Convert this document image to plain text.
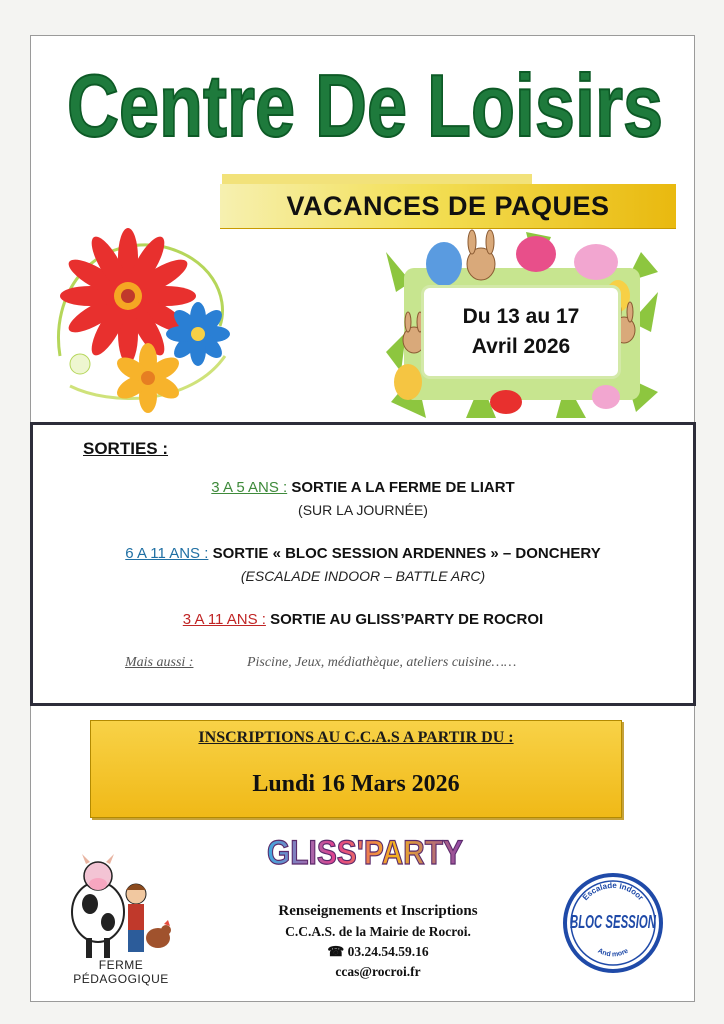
Centre De Loisirs
VACANCES DE PAQUES
Du 13 au 17
Avril 2026
SORTIES :
3 A 5 ANS : SORTIE A LA FERME DE LIART
(SUR LA JOURNÉE)
6 A 11 ANS : SORTIE « BLOC SESSION ARDENNES » – DONCHERY
(ESCALADE INDOOR – BATTLE ARC)
3 A 11 ANS : SORTIE AU GLISS’PARTY DE ROCROI
Mais aussi :	Piscine, Jeux, médiathèque, ateliers cuisine……
INSCRIPTIONS AU C.C.A.S A PARTIR DU :
Lundi 16 Mars 2026
GLISS'PARTY
FERME PÉDAGOGIQUE
Renseignements et Inscriptions
C.C.A.S. de la Mairie de Rocroi.
☎ 03.24.54.59.16
ccas@rocroi.fr
Escalade Indoor
BLOC SESSION
And more
